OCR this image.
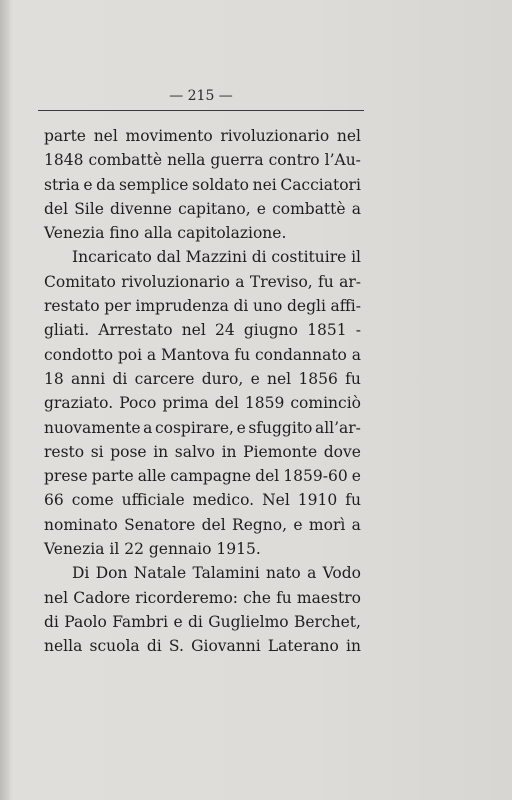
— 215 —
parte nel movimento rivoluzionario nel
1848 combattè nella guerra contro l’Au-
stria e da semplice soldato nei Cacciatori
del Sile divenne capitano, e combattè a
Venezia fino alla capitolazione.
Incaricato dal Mazzini di costituire il
Comitato rivoluzionario a Treviso, fu ar-
restato per imprudenza di uno degli affi-
gliati. Arrestato nel 24 giugno 1851 -
condotto poi a Mantova fu condannato a
18 anni di carcere duro, e nel 1856 fu
graziato. Poco prima del 1859 cominciò
nuovamente a cospirare, e sfuggito all’ar-
resto si pose in salvo in Piemonte dove
prese parte alle campagne del 1859-60 e
66 come ufficiale medico. Nel 1910 fu
nominato Senatore del Regno, e morì a
Venezia il 22 gennaio 1915.
Di Don Natale Talamini nato a Vodo
nel Cadore ricorderemo: che fu maestro
di Paolo Fambri e di Guglielmo Berchet,
nella scuola di S. Giovanni Laterano in
